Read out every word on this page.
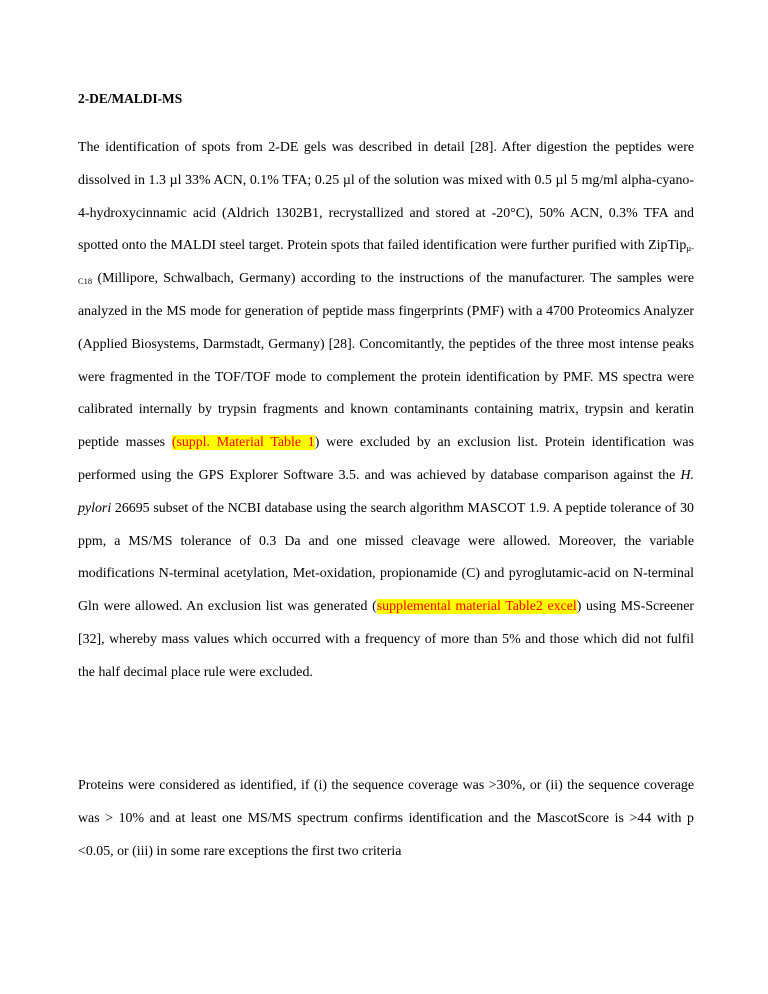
2-DE/MALDI-MS

The identification of spots from 2-DE gels was described in detail [28]. After digestion the peptides were dissolved in 1.3 µl 33% ACN, 0.1% TFA; 0.25 µl of the solution was mixed with 0.5 µl 5 mg/ml alpha-cyano-4-hydroxycinnamic acid (Aldrich 1302B1, recrystallized and stored at -20°C), 50% ACN, 0.3% TFA and spotted onto the MALDI steel target. Protein spots that failed identification were further purified with ZipTip$_{\mu-C18}$ (Millipore, Schwalbach, Germany) according to the instructions of the manufacturer. The samples were analyzed in the MS mode for generation of peptide mass fingerprints (PMF) with a 4700 Proteomics Analyzer (Applied Biosystems, Darmstadt, Germany) [28]. Concomitantly, the peptides of the three most intense peaks were fragmented in the TOF/TOF mode to complement the protein identification by PMF. MS spectra were calibrated internally by trypsin fragments and known contaminants containing matrix, trypsin and keratin peptide masses (suppl. Material Table 1) were excluded by an exclusion list. Protein identification was performed using the GPS Explorer Software 3.5. and was achieved by database comparison against the H. pylori 26695 subset of the NCBI database using the search algorithm MASCOT 1.9. A peptide tolerance of 30 ppm, a MS/MS tolerance of 0.3 Da and one missed cleavage were allowed. Moreover, the variable modifications N-terminal acetylation, Met-oxidation, propionamide (C) and pyroglutamic-acid on N-terminal Gln were allowed. An exclusion list was generated (supplemental material Table2 excel) using MS-Screener [32], whereby mass values which occurred with a frequency of more than 5% and those which did not fulfil the half decimal place rule were excluded.

Proteins were considered as identified, if (i) the sequence coverage was >30%, or (ii) the sequence coverage was > 10% and at least one MS/MS spectrum confirms identification and the MascotScore is >44 with p <0.05, or (iii) in some rare exceptions the first two criteria
